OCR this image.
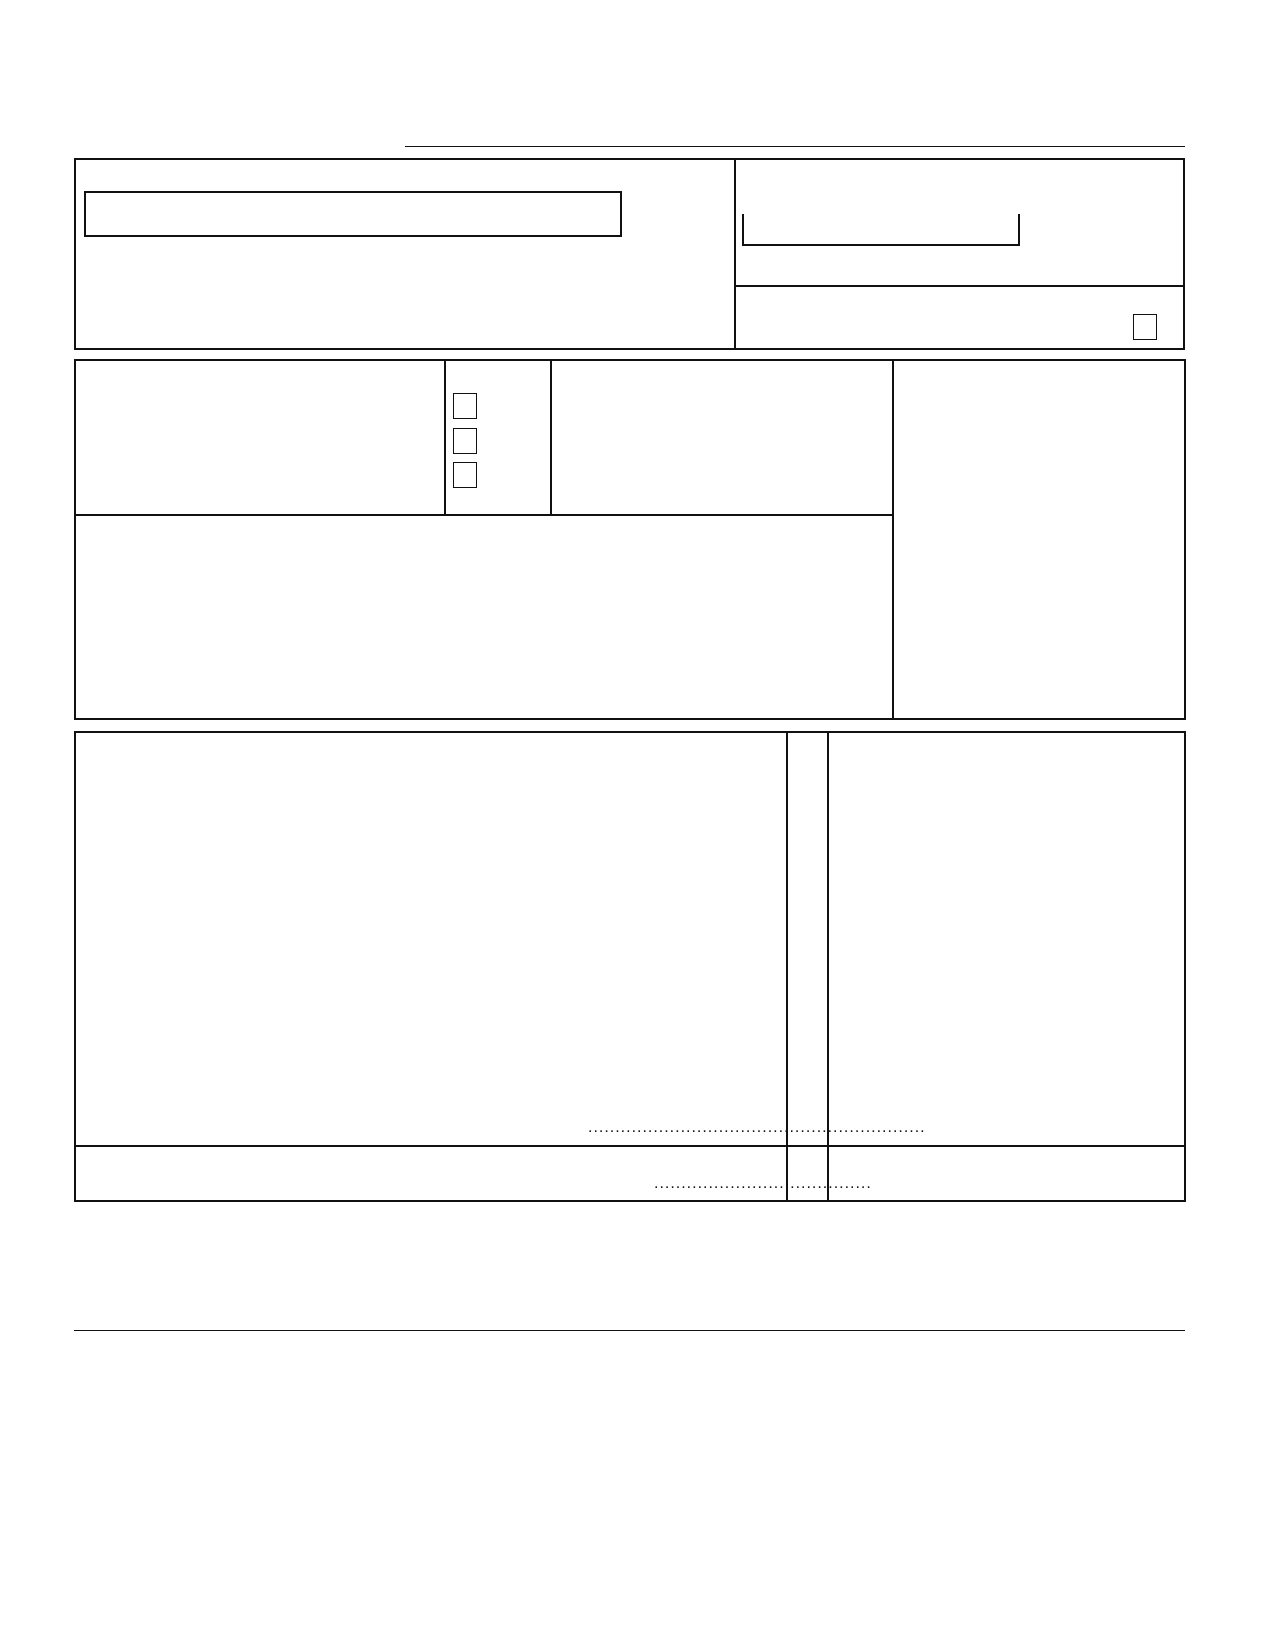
..............................................................
........................................
